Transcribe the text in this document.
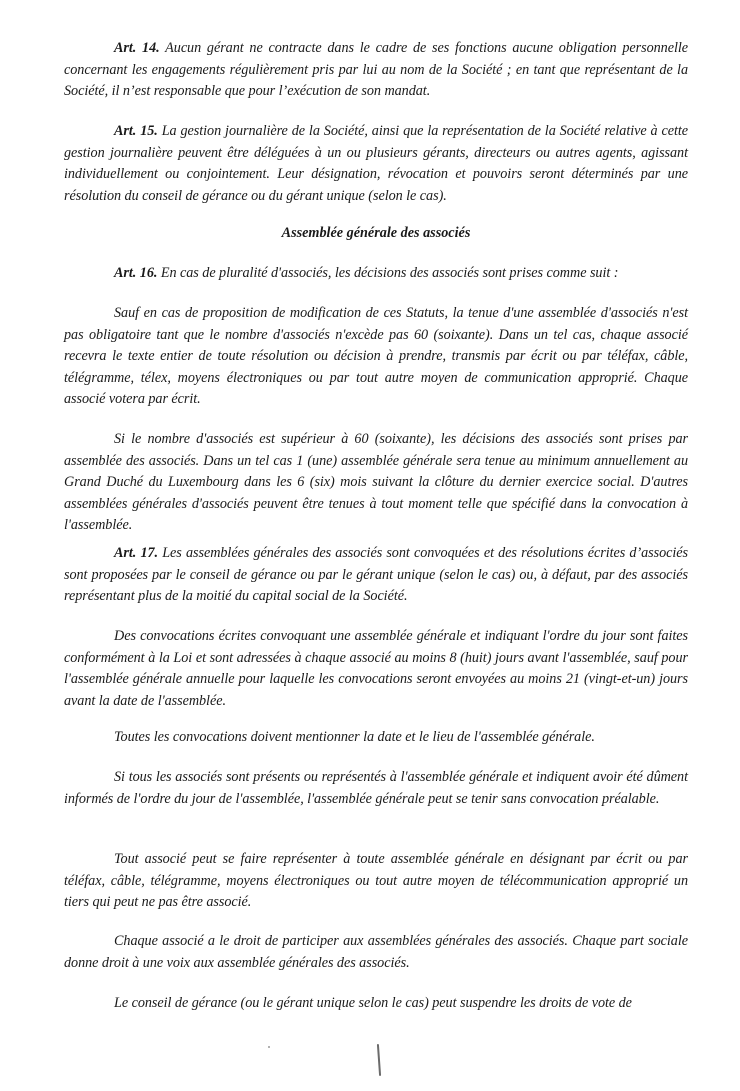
Art. 14. Aucun gérant ne contracte dans le cadre de ses fonctions aucune obligation personnelle concernant les engagements régulièrement pris par lui au nom de la Société ; en tant que représentant de la Société, il n’est responsable que pour l’exécution de son mandat.

Art. 15. La gestion journalière de la Société, ainsi que la représentation de la Société relative à cette gestion journalière peuvent être déléguées à un ou plusieurs gérants, directeurs ou autres agents, agissant individuellement ou conjointement. Leur désignation, révocation et pouvoirs seront déterminés par une résolution du conseil de gérance ou du gérant unique (selon le cas).

Assemblée générale des associés

Art. 16. En cas de pluralité d'associés, les décisions des associés sont prises comme suit :

Sauf en cas de proposition de modification de ces Statuts, la tenue d'une assemblée d'associés n'est pas obligatoire tant que le nombre d'associés n'excède pas 60 (soixante). Dans un tel cas, chaque associé recevra le texte entier de toute résolution ou décision à prendre, transmis par écrit ou par téléfax, câble, télégramme, télex, moyens électroniques ou par tout autre moyen de communication approprié. Chaque associé votera par écrit.

Si le nombre d'associés est supérieur à 60 (soixante), les décisions des associés sont prises par assemblée des associés. Dans un tel cas 1 (une) assemblée générale sera tenue au minimum annuellement au Grand Duché du Luxembourg dans les 6 (six) mois suivant la clôture du dernier exercice social. D'autres assemblées générales d'associés peuvent être tenues à tout moment telle que spécifié dans la convocation à l'assemblée.

Art. 17. Les assemblées générales des associés sont convoquées et des résolutions écrites d’associés sont proposées par le conseil de gérance ou par le gérant unique (selon le cas) ou, à défaut, par des associés représentant plus de la moitié du capital social de la Société.

Des convocations écrites convoquant une assemblée générale et indiquant l'ordre du jour sont faites conformément à la Loi et sont adressées à chaque associé au moins 8 (huit) jours avant l'assemblée, sauf pour l'assemblée générale annuelle pour laquelle les convocations seront envoyées au moins 21 (vingt-et-un) jours avant la date de l'assemblée.

Toutes les convocations doivent mentionner la date et le lieu de l'assemblée générale.

Si tous les associés sont présents ou représentés à l'assemblée générale et indiquent avoir été dûment informés de l'ordre du jour de l'assemblée, l'assemblée générale peut se tenir sans convocation préalable.

Tout associé peut se faire représenter à toute assemblée générale en désignant par écrit ou par téléfax, câble, télégramme, moyens électroniques ou tout autre moyen de télécommunication approprié un tiers qui peut ne pas être associé.

Chaque associé a le droit de participer aux assemblées générales des associés. Chaque part sociale donne droit à une voix aux assemblée générales des associés.

Le conseil de gérance (ou le gérant unique selon le cas) peut suspendre les droits de vote de
